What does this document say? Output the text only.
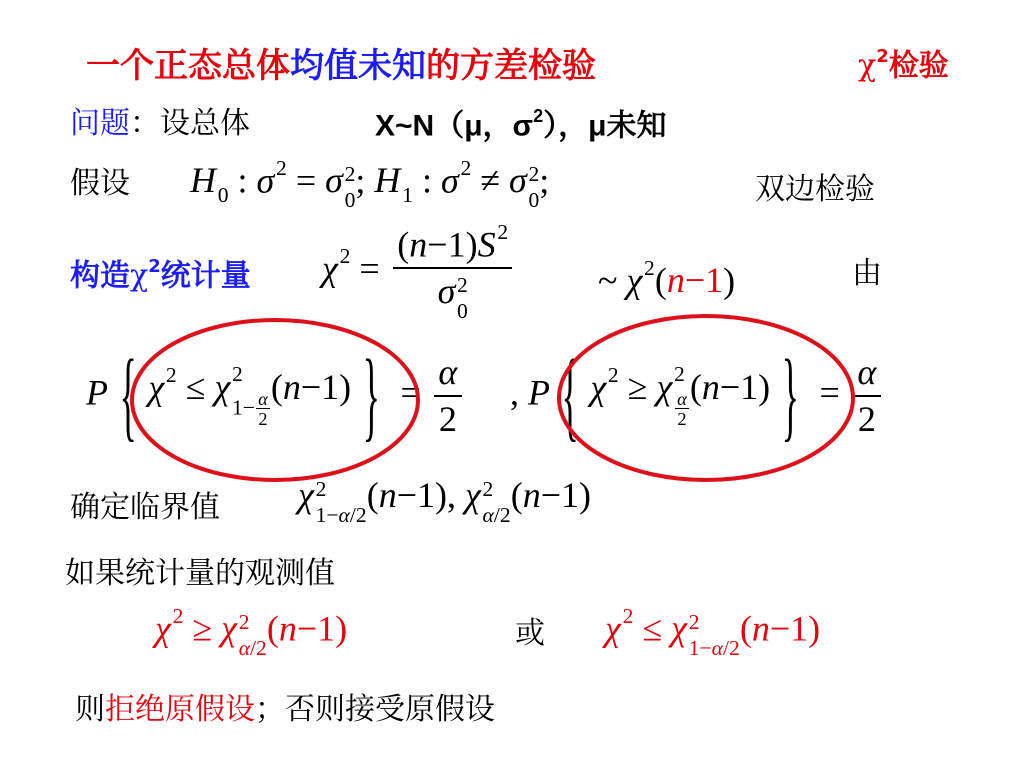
一个正态总体均值未知的方差检验	$\chi^2$检验
问题：设总体	X~N（μ，$\sigma^2$），μ未知
假设 H 0 : σ 2 = σ 2
0
; H 1 : σ 2 ≠ σ 2
0
;	双边检验
构造$\chi^2$统计量 χ 2 = (n−1)S 2
σ 2
0 ~ χ 2 (n−1)	由
P { χ 2 ≤ χ 2
$1- \frac{\alpha}{2}$
(n−1) } = $\frac{\alpha}{2}$ , P { χ 2 ≥ χ 2
$\frac{\alpha}{2}$
(n−1) } = $\frac{\alpha}{2}$
确定临界值 χ 2
1−α/2
(n−1), χ 2
α/2
(n−1)
如果统计量的观测值
χ 2 ≥ χ 2
α/2
(n−1)	或 χ 2 ≤ χ 2
1−α/2
(n−1)
则拒绝原假设；否则接受原假设
